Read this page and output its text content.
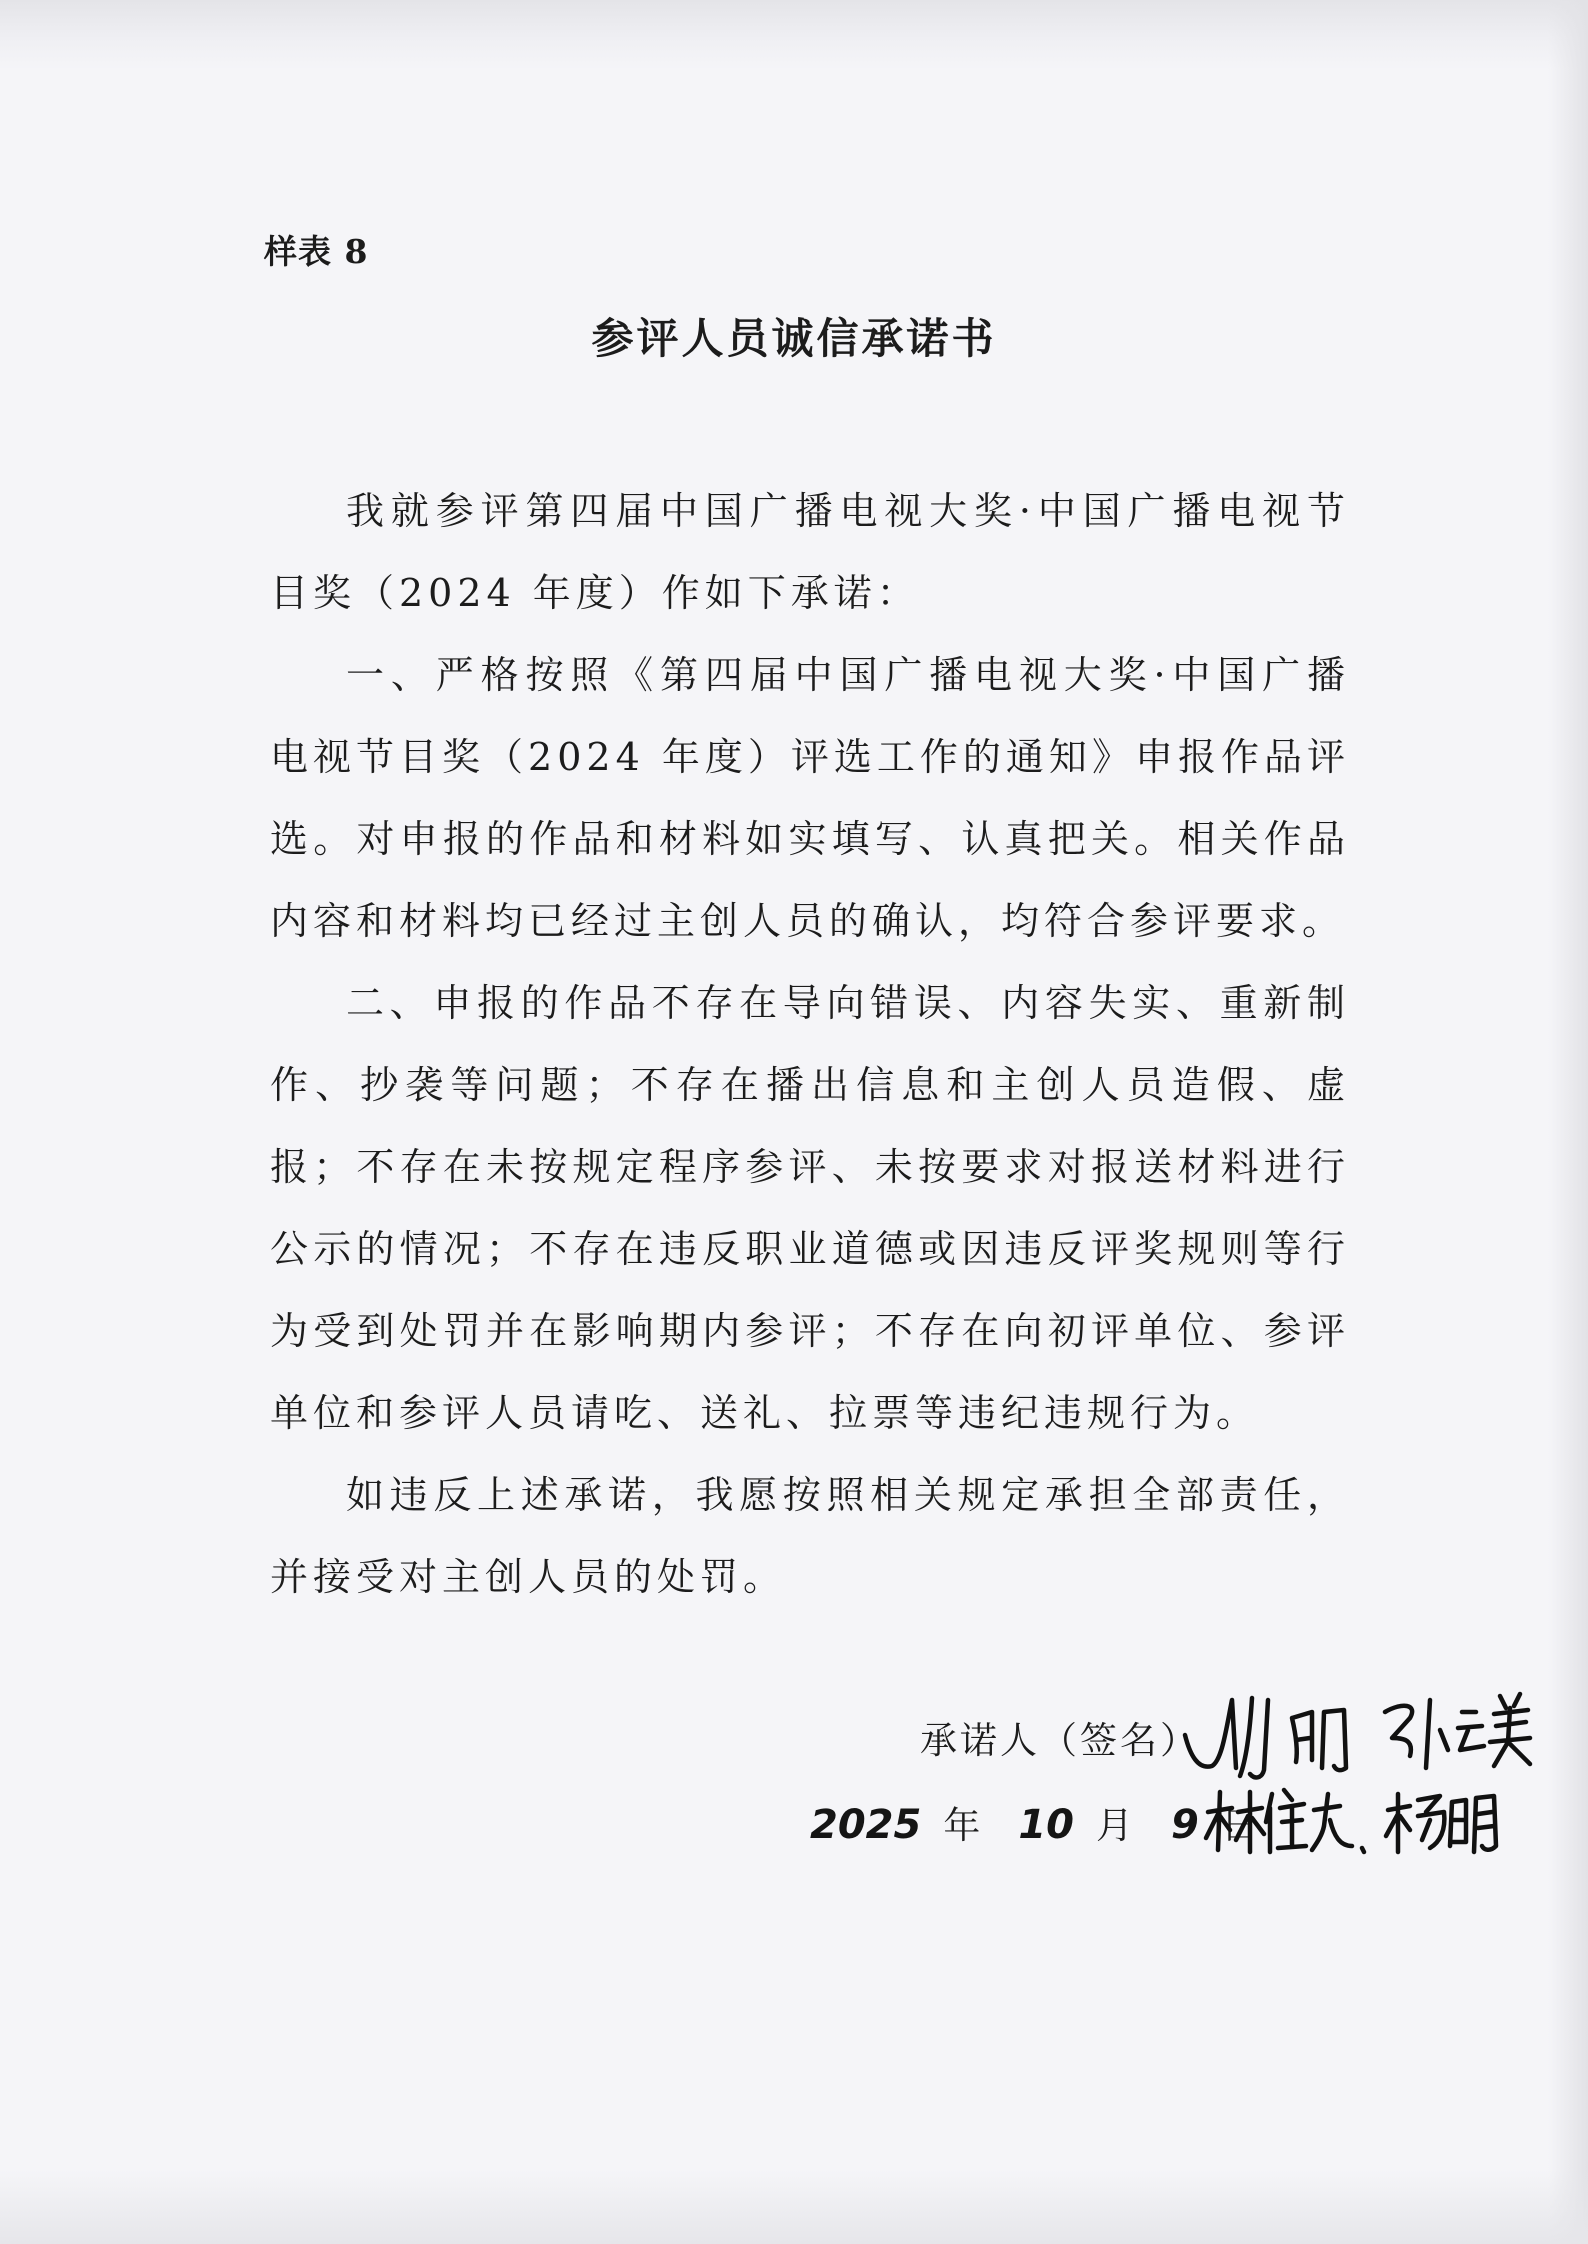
样表 8
参评人员诚信承诺书

我就参评第四届中国广播电视大奖·中国广播电视节目奖（2024 年度）作如下承诺：

一、严格按照《第四届中国广播电视大奖·中国广播电视节目奖（2024 年度）评选工作的通知》申报作品评选。对申报的作品和材料如实填写、认真把关。相关作品内容和材料均已经过主创人员的确认，均符合参评要求。

二、申报的作品不存在导向错误、内容失实、重新制作、抄袭等问题；不存在播出信息和主创人员造假、虚报；不存在未按规定程序参评、未按要求对报送材料进行公示的情况；不存在违反职业道德或因违反评奖规则等行为受到处罚并在影响期内参评；不存在向初评单位、参评单位和参评人员请吃、送礼、拉票等违纪违规行为。

如违反上述承诺，我愿按照相关规定承担全部责任，并接受对主创人员的处罚。

承诺人（签名）
2025 年 10 月 9 日
